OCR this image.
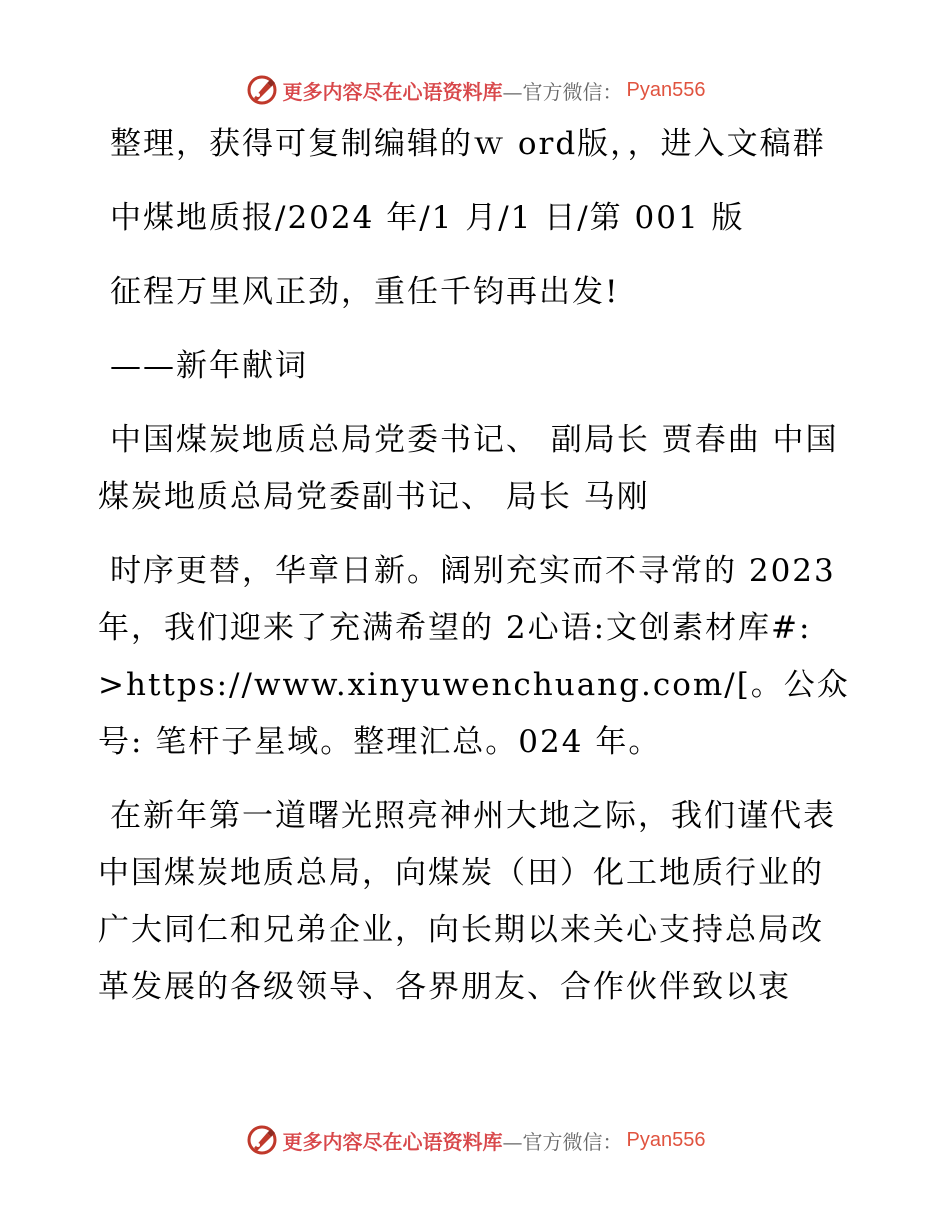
更多内容尽在心语资料库 —官方微信： Pyan556

整理，获得可复制编辑的ｗ ord版，，进入文稿群

中煤地质报/2024 年/1 月/1 日/第 001 版

征程万里风正劲，重任千钧再出发!

——新年献词

中国煤炭地质总局党委书记、 副局长 贾春曲 中国煤炭地质总局党委副书记、 局长 马刚

时序更替，华章日新。阔别充实而不寻常的 2023 年，我们迎来了充满希望的 2心语:文创素材库#: >https://www.xinyuwenchuang.com/[。公众号: 笔杆子星域。整理汇总。024 年。

在新年第一道曙光照亮神州大地之际，我们谨代表中国煤炭地质总局，向煤炭（田）化工地质行业的广大同仁和兄弟企业，向长期以来关心支持总局改革发展的各级领导、各界朋友、合作伙伴致以衷

更多内容尽在心语资料库 —官方微信： Pyan556
